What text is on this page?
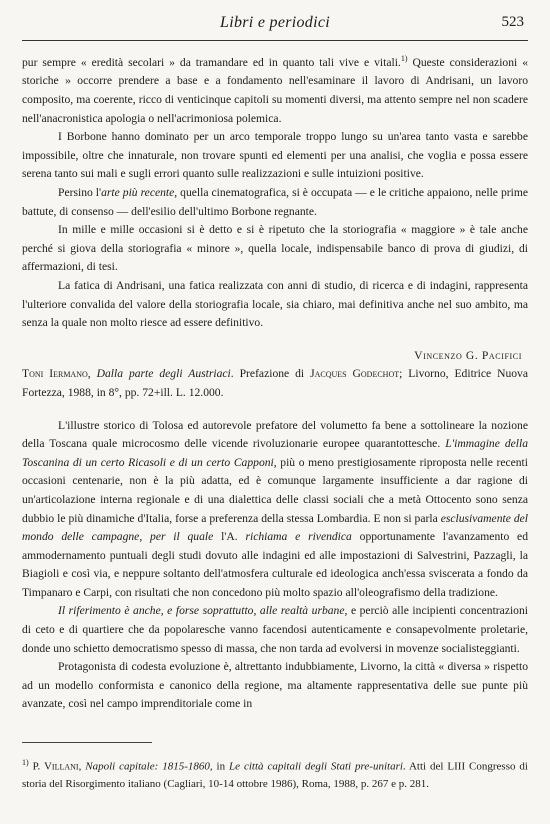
Libri e periodici	523

pur sempre « eredità secolari » da tramandare ed in quanto tali vive e vitali.$^{1)}$ Queste considerazioni « storiche » occorre prendere a base e a fondamento nell'esaminare il lavoro di Andrisani, un lavoro composito, ma coerente, ricco di venticinque capitoli su momenti diversi, ma attento sempre nel non scadere nell'anacronistica apologia o nell'acrimoniosa polemica.

I Borbone hanno dominato per un arco temporale troppo lungo su un'area tanto vasta e sarebbe impossibile, oltre che innaturale, non trovare spunti ed elementi per una analisi, che voglia e possa essere serena tanto sui mali e sugli errori quanto sulle realizzazioni e sulle intuizioni positive.

Persino l'arte più recente, quella cinematografica, si è occupata — e le critiche appaiono, nelle prime battute, di consenso — dell'esilio dell'ultimo Borbone regnante.

In mille e mille occasioni si è detto e si è ripetuto che la storiografia « maggiore » è tale anche perché si giova della storiografia « minore », quella locale, indispensabile banco di prova di giudizi, di affermazioni, di tesi.

La fatica di Andrisani, una fatica realizzata con anni di studio, di ricerca e di indagini, rappresenta l'ulteriore convalida del valore della storiografia locale, sia chiaro, mai definitiva anche nel suo ambito, ma senza la quale non molto riesce ad essere definitivo.

Vincenzo G. Pacifici

Toni Iermano, Dalla parte degli Austriaci. Prefazione di Jacques Godechot; Livorno, Editrice Nuova Fortezza, 1988, in 8°, pp. 72+ill. L. 12.000.

L'illustre storico di Tolosa ed autorevole prefatore del volumetto fa bene a sottolineare la nozione della Toscana quale microcosmo delle vicende rivoluzionarie europee quarantottesche. L'immagine della Toscanina di un certo Ricasoli e di un certo Capponi, più o meno prestigiosamente riproposta nelle recenti occasioni centenarie, non è la più adatta, ed è comunque largamente insufficiente a dar ragione di un'articolazione interna regionale e di una dialettica delle classi sociali che a metà Ottocento sono senza dubbio le più dinamiche d'Italia, forse a preferenza della stessa Lombardia. E non si parla esclusivamente del mondo delle campagne, per il quale l'A. richiama e rivendica opportunamente l'avanzamento ed ammodernamento puntuali degli studi dovuto alle indagini ed alle impostazioni di Salvestrini, Pazzagli, la Biagioli e così via, e neppure soltanto dell'atmosfera culturale ed ideologica anch'essa sviscerata a fondo da Timpanaro e Carpi, con risultati che non concedono più molto spazio all'oleografismo della tradizione.

Il riferimento è anche, e forse soprattutto, alle realtà urbane, e perciò alle incipienti concentrazioni di ceto e di quartiere che da popolaresche vanno facendosi autenticamente e consapevolmente proletarie, donde uno schietto democratismo spesso di massa, che non tarda ad evolversi in movenze socialisteggianti.

Protagonista di codesta evoluzione è, altrettanto indubbiamente, Livorno, la città « diversa » rispetto ad un modello conformista e canonico della regione, ma altamente rappresentativa delle sue punte più avanzate, così nel campo imprenditoriale come in

$^{1)}$ P. Villani, Napoli capitale: 1815-1860, in Le città capitali degli Stati pre-unitari. Atti del LIII Congresso di storia del Risorgimento italiano (Cagliari, 10-14 ottobre 1986), Roma, 1988, p. 267 e p. 281.
